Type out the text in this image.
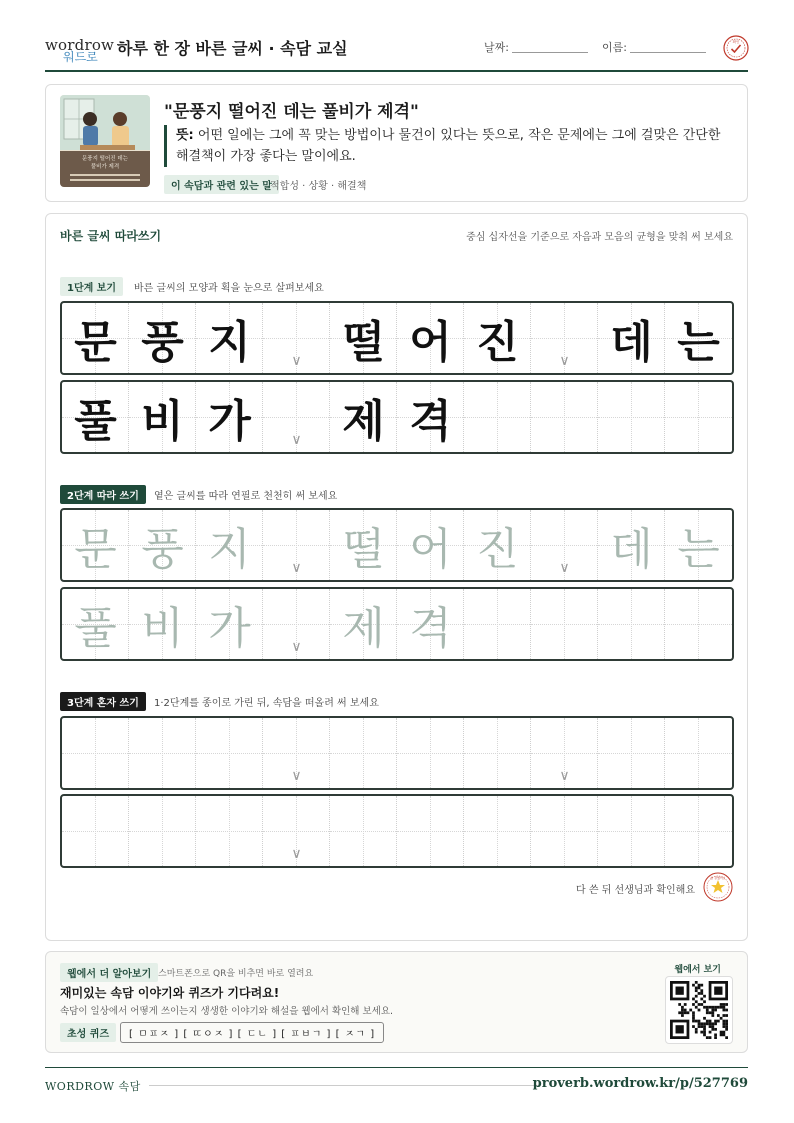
wordrow
워드로 하루 한 장 바른 글씨 · 속담 교실	날짜:	이름:	확인
문풍지 떨어진 데는
풀비가 제격
"문풍지 떨어진 데는 풀비가 제격"
뜻: 어떤 일에는 그에 꼭 맞는 방법이나 물건이 있다는 뜻으로, 작은 문제에는 그에 걸맞은 간단한 해결책이 가장 좋다는 말이에요.
이 속담과 관련 있는 말
적합성 · 상황 · 해결책
바른 글씨 따라쓰기	중심 십자선을 기준으로 자음과 모음의 균형을 맞춰 써 보세요
1단계 보기	바른 글씨의 모양과 획을 눈으로 살펴보세요
문 풍 지	∨ 떨 어 진	∨ 데 는
풀 비 가	∨ 제 격
2단계 따라 쓰기	옅은 글씨를 따라 연필로 천천히 써 보세요
문 풍 지	∨ 떨 어 진	∨ 데 는
풀 비 가	∨ 제 격
3단계 혼자 쓰기	1·2단계를 종이로 가린 뒤, 속담을 떠올려 써 보세요
∨	∨
∨
다 쓴 뒤 선생님과 확인해요
참 잘했어요
웹에서 더 알아보기 스마트폰으로 QR을 비추면 바로 열려요
재미있는 속담 이야기와 퀴즈가 기다려요!
속담이 일상에서 어떻게 쓰이는지 생생한 이야기와 해설을 웹에서 확인해 보세요.
초성 퀴즈	[ ㅁㅍㅈ ] [ ㄸㅇㅈ ] [ ㄷㄴ ] [ ㅍㅂㄱ ] [ ㅈㄱ ]
웹에서 보기
WORDROW 속담	proverb.wordrow.kr/p/527769
